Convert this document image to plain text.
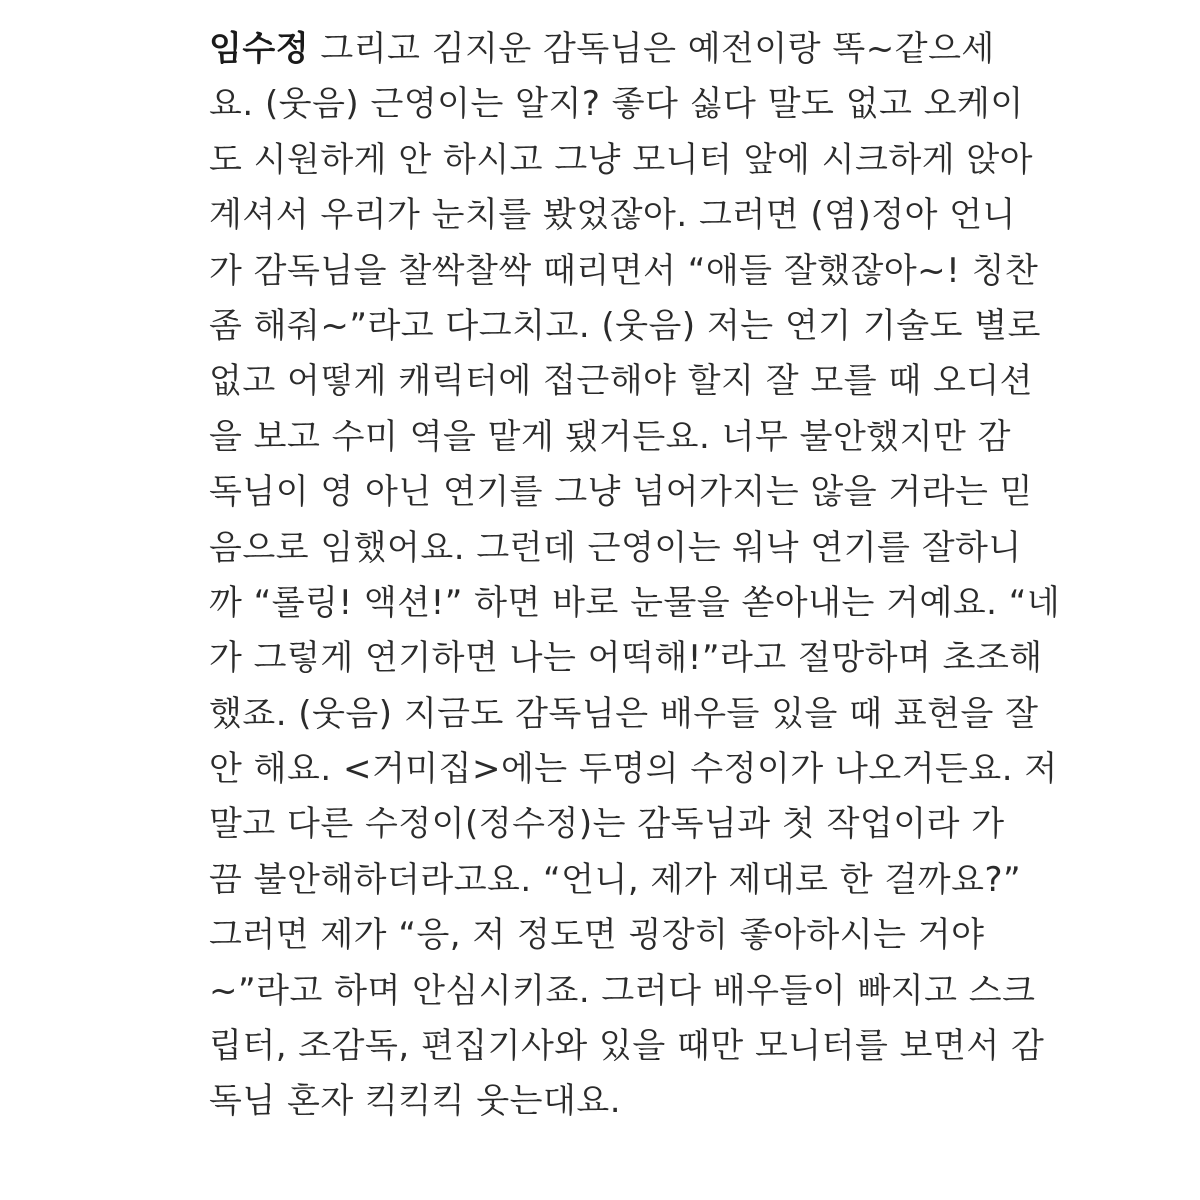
임수정 그리고 김지운 감독님은 예전이랑 똑~같으세
요. (웃음) 근영이는 알지? 좋다 싫다 말도 없고 오케이
도 시원하게 안 하시고 그냥 모니터 앞에 시크하게 앉아
계셔서 우리가 눈치를 봤었잖아. 그러면 (염)정아 언니
가 감독님을 찰싹찰싹 때리면서 “애들 잘했잖아~! 칭찬
좀 해줘~”라고 다그치고. (웃음) 저는 연기 기술도 별로
없고 어떻게 캐릭터에 접근해야 할지 잘 모를 때 오디션
을 보고 수미 역을 맡게 됐거든요. 너무 불안했지만 감
독님이 영 아닌 연기를 그냥 넘어가지는 않을 거라는 믿
음으로 임했어요. 그런데 근영이는 워낙 연기를 잘하니
까 “롤링! 액션!” 하면 바로 눈물을 쏟아내는 거예요. “네
가 그렇게 연기하면 나는 어떡해!”라고 절망하며 초조해
했죠. (웃음) 지금도 감독님은 배우들 있을 때 표현을 잘
안 해요. <거미집>에는 두명의 수정이가 나오거든요. 저
말고 다른 수정이(정수정)는 감독님과 첫 작업이라 가
끔 불안해하더라고요. “언니, 제가 제대로 한 걸까요?”
그러면 제가 “응, 저 정도면 굉장히 좋아하시는 거야
~”라고 하며 안심시키죠. 그러다 배우들이 빠지고 스크
립터, 조감독, 편집기사와 있을 때만 모니터를 보면서 감
독님 혼자 킥킥킥 웃는대요.
